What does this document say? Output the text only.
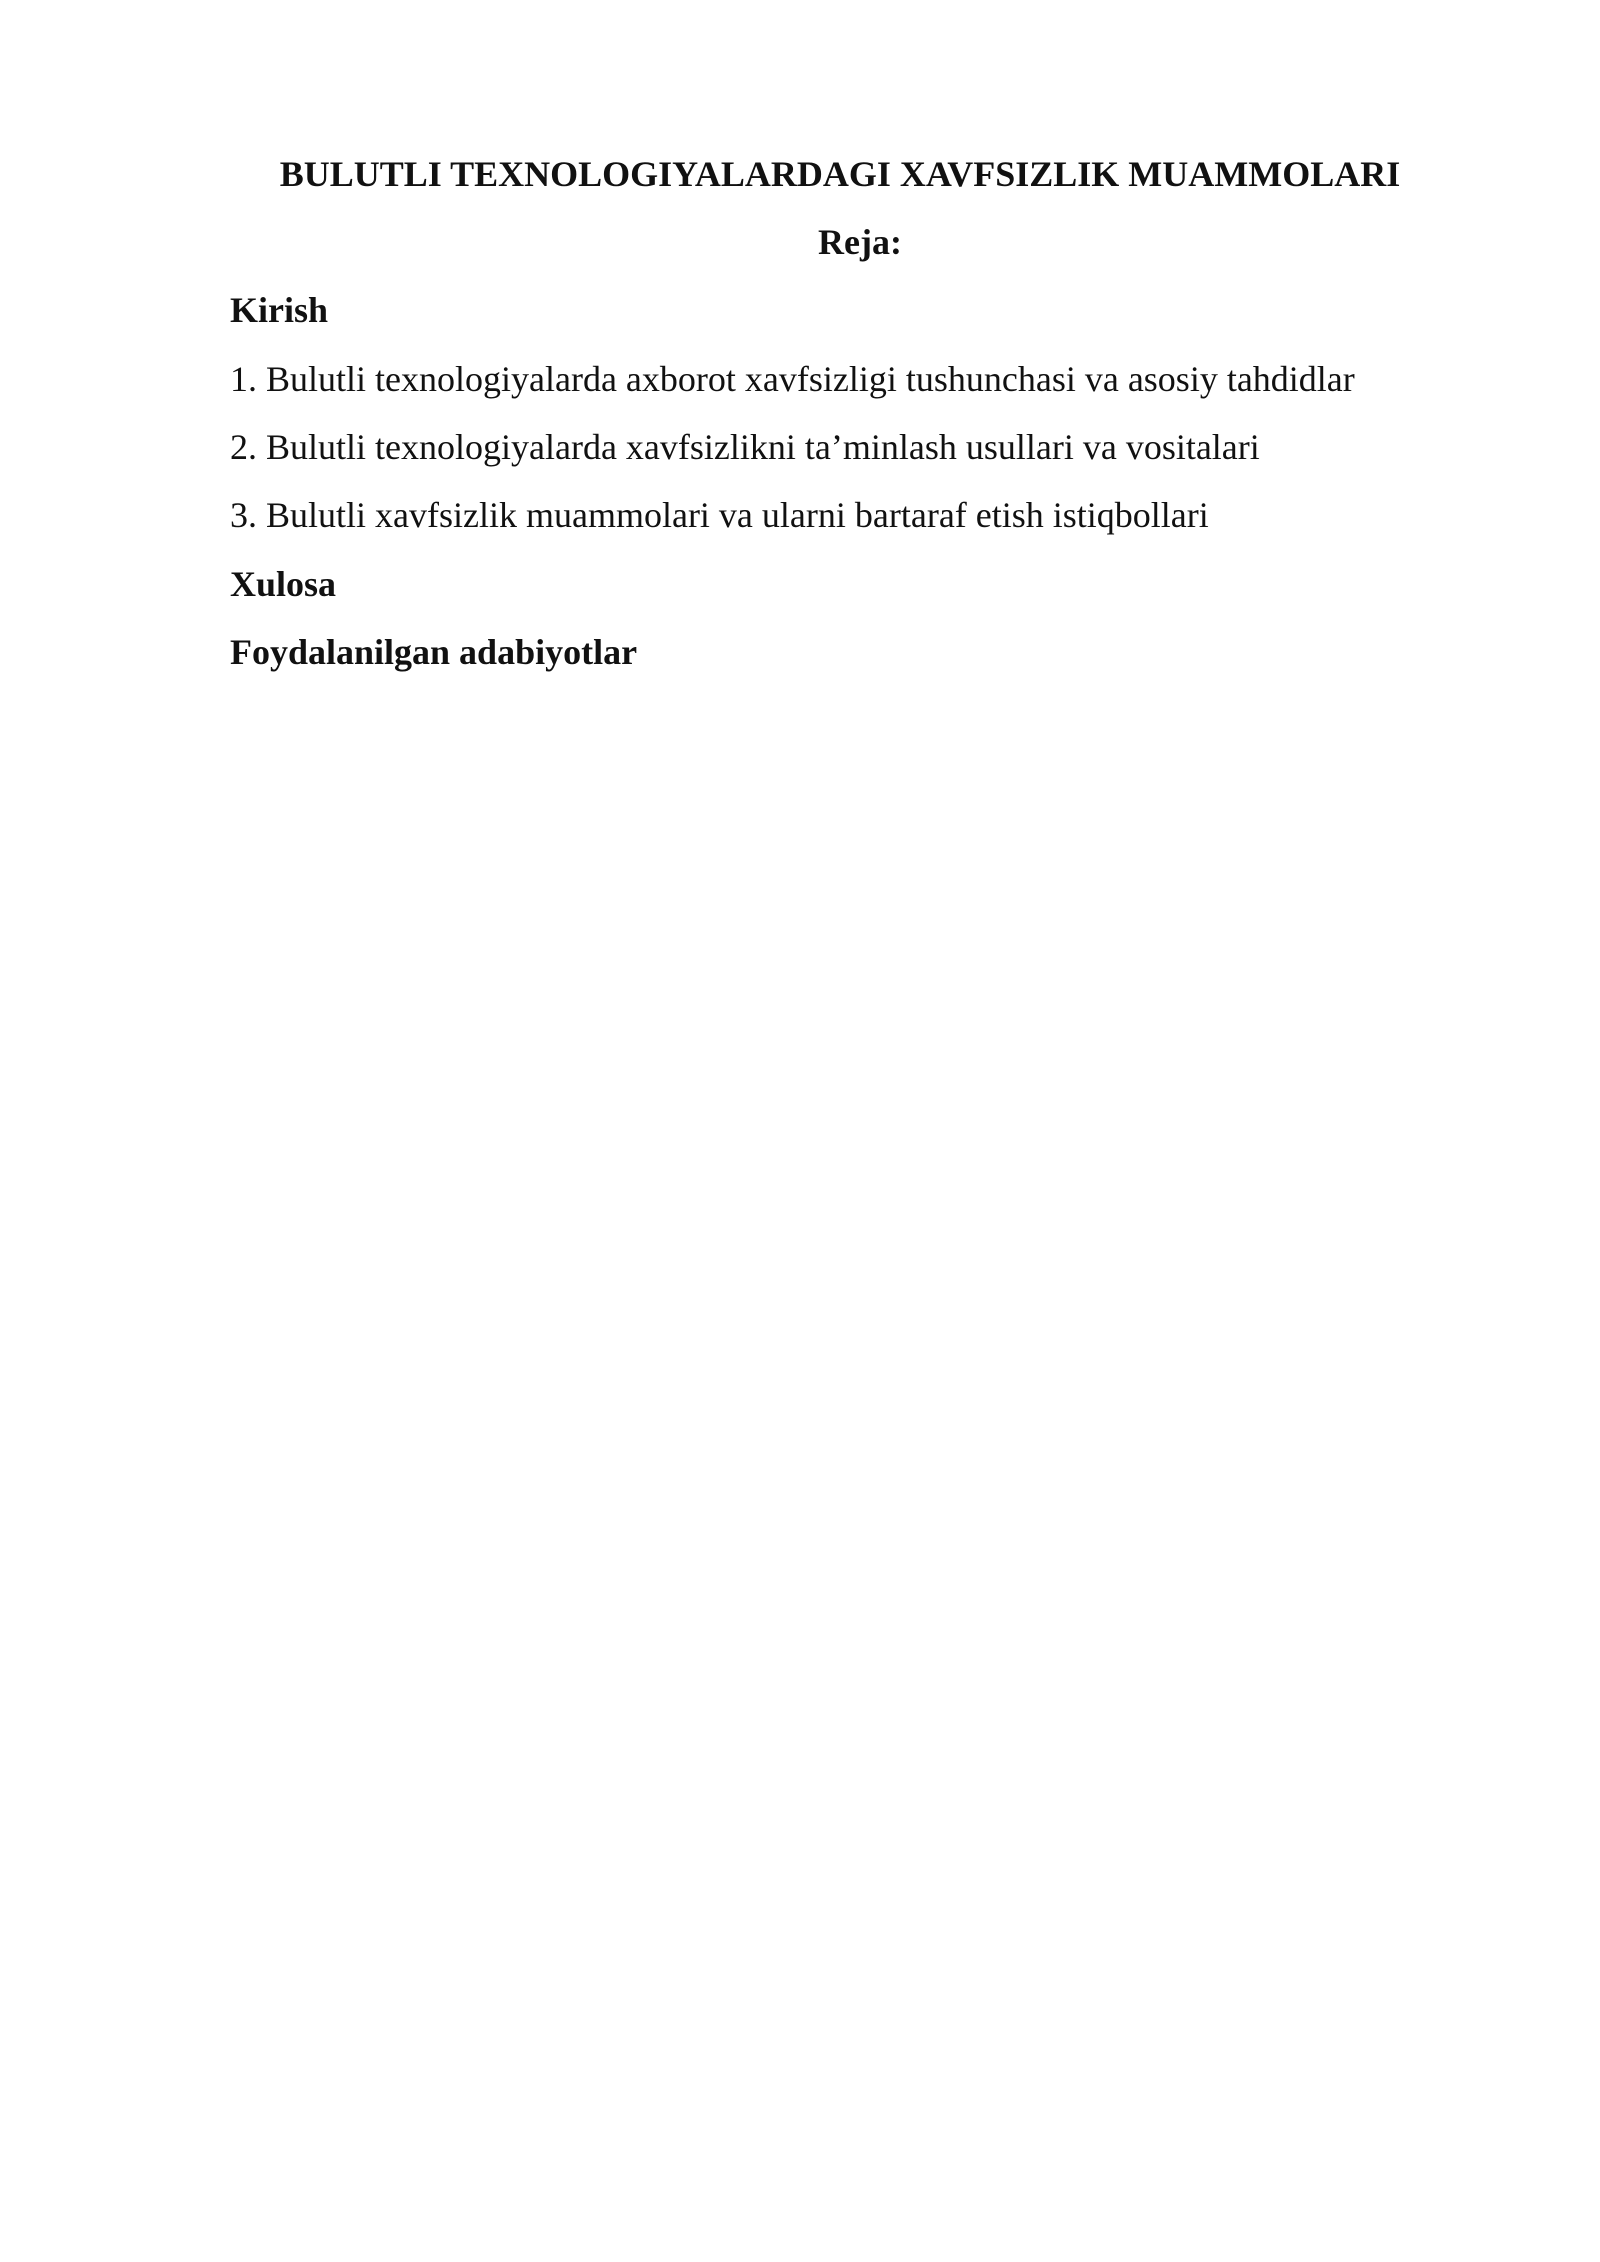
BULUTLI TEXNOLOGIYALARDAGI XAVFSIZLIK MUAMMOLARI
Reja:
Kirish
1. Bulutli texnologiyalarda axborot xavfsizligi tushunchasi va asosiy tahdidlar
2. Bulutli texnologiyalarda xavfsizlikni ta’minlash usullari va vositalari
3. Bulutli xavfsizlik muammolari va ularni bartaraf etish istiqbollari
Xulosa
Foydalanilgan adabiyotlar
